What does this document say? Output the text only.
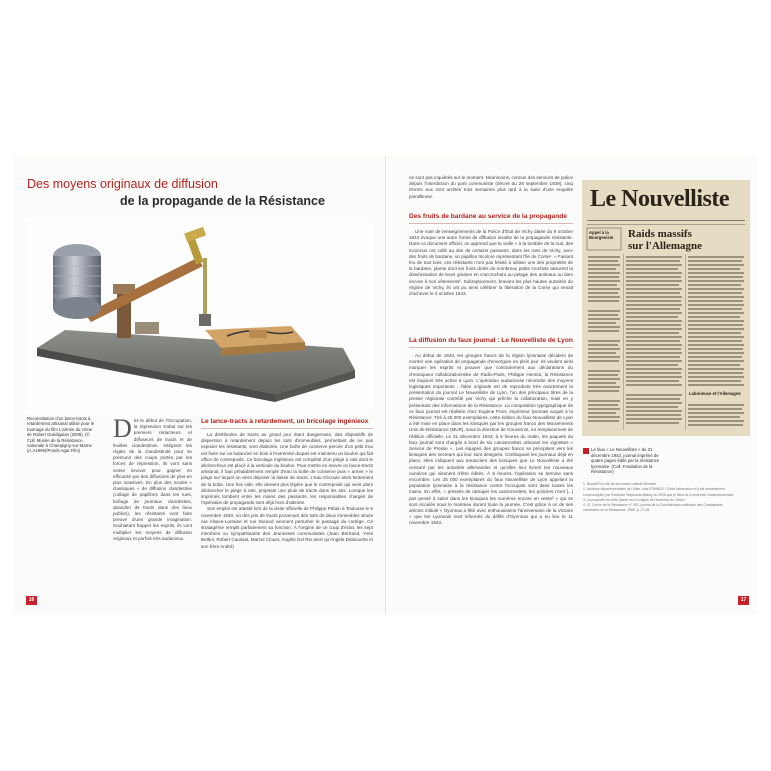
Des moyens originaux de diffusion
de la propagande de la Résistance
Reconstitution d'un lance-tracts à retardement artisanal utilisé pour le tournage du film L'armée du crime de Robert Guédiguian (2009). (© Coll. Musée de la Résistance nationale à Champigny-sur-Marne (A.A1999)/Ponds Agat Film)
Dès le début de l'Occupation, la répression s'abat sur les premiers rédacteurs et diffuseurs de tracts et de feuilles clandestines. Intégrant les règles de la clandestinité pour se prémunir des coups portés par les forces de répression, ils vont sans cesse innover pour gagner en efficacité par des diffusions de plus en plus massives. En plus des modes « classiques » de diffusion clandestine (collage de papillons dans les rues, boîtage de journaux clandestins, abandon de tracts dans des lieux publics), les résistants vont faire preuve d'une grande imagination. Souhaitant frapper les esprits, ils vont multiplier les moyens de diffusion originaux et parfois très audacieux.
Le lance-tracts à retardement, un bricolage ingénieux
La distribution de tracts au grand jour étant dangereuse, des dispositifs de dispersion à retardement depuis les toits d'immeubles, permettant de ne pas exposer les résistants, sont élaborés. Une boîte de conserve percée d'un petit trou est fixée sur un balancier en bois à l'extrémité duquel est maintenu un boulon qui fait office de contrepoids. Ce bricolage ingénieux est complété d'un piège à rats dont le déclencheur est placé à la verticale du boulon. Pour mettre en œuvre ce lance-tracts artisanal, il faut préalablement remplir d'eau la boîte de conserve puis « armer » le piège sur lequel on vient déposer la liasse de tracts. L'eau s'écoule alors lentement de la boîte. Une fois vide, elle devient plus légère que le contrepoids qui vient alors déclencher le piège à rats, projetant une pluie de tracts dans les airs. Lorsque les imprimés tombent entre les mains des passants, les responsables chargés de l'opération de propagande sont déjà hors d'atteinte.
Son emploi est attesté lors de la visite officielle de Philippe Pétain à Toulouse le 5 novembre 1940, où des jets de tracts provenant des toits de deux immeubles situés rue Alsace-Lorraine et rue Durand viennent perturber le passage du cortège. Ce stratagème remplit parfaitement sa fonction. À l'origine de ce coup d'éclat, les sept membres ou sympathisants des Jeunesses communistes (Jean Bertrand, Yves Bettini, Robert Caussat, Marcel Clouet, Angèle Del Rio ainsi qu'Angèle Delacourte et son frère André)
16
ne sont pas inquiétés sur le moment. Néanmoins, connus des services de police depuis l'interdiction du parti communiste (décret du 26 septembre 1939), cinq d'entre eux sont arrêtés trois semaines plus tard à la suite d'une enquête pointilleuse.
Des fruits de bardane au service de la propagande
Une note de renseignements de la Police d'État de Vichy datée du 9 octobre 1943 évoque une autre forme de diffusion insolite de la propagande résistante. Dans ce document officiel, on apprend que la veille « à la tombée de la nuit, des inconnus ont collé au dos de certains passants, dans les rues de Vichy, avec des fruits de bardane, un papillon tricolore représentant l'Île de Corse¹. » Faisant feu de tout bois, ces résistants n'ont pas hésité à utiliser une des propriétés de la bardane, plante dont les fruits dotés de nombreux petits crochets assurent la dissémination de leurs graines en s'accrochant au pelage des animaux ou bien encore à nos vêtements². Subrepticement, bravant les plus hautes autorités du régime de Vichy, ils ont pu ainsi célébrer la libération de la Corse qui venait d'achever le 4 octobre 1943.
La diffusion du faux journal : Le Nouvelliste de Lyon
Au début de 1943, les groupes francs de la région lyonnaise décident de monter une opération de propagande d'envergure en plein jour. Ils veulent ainsi marquer les esprits et prouver que contrairement aux déclarations du chroniqueur collaborationniste de Radio-Paris, Philippe Henriot, la Résistance est toujours très active à Lyon. L'opération audacieuse nécessite des moyens logistiques importants : l'idée originale est de reproduire très exactement la présentation du journal Le Nouvelliste de Lyon, l'un des principaux titres de la presse régionale contrôlé par Vichy qui prêche la collaboration, mais en y présentant des informations de la Résistance. La composition typographique de ce faux journal est réalisée chez Eugène Pons, imprimeur lyonnais acquis à la Résistance. Tiré à 25 000 exemplaires, cette édition du faux Nouvelliste de Lyon a été mise en place dans les kiosques par les groupes francs des Mouvements Unis de Résistance (MUR), sous la direction de Gouvernot, en remplacement de l'édition officielle. Le 31 décembre 1943, à 5 heures du matin, les paquets du faux journal sont chargés à bord de six camionnettes arborant les vignettes « Service de Presse ». Les équipes des groupes francs se précipitent vers les kiosques des secteurs qui leur sont désignés. Confisquant les journaux déjà en place, elles indiquent aux tenanciers des kiosques que Le Nouvelliste a été censuré par les autorités allemandes et qu'elles leur livrent les nouveaux numéros qui viennent d'être édités. À 8 heures, l'opération se termine sans encombre. Les 25 000 exemplaires du faux Nouvelliste de Lyon appelant la population lyonnaise à la résistance contre l'occupant sont dans toutes les mains. En effet, « pressés de rattraper les camionnettes, les policiers n'ont [...] pas pensé à saisir dans les kiosques les numéros encore en vente³ » qui se sont écoulés sous le manteau durant toute la journée. C'est grâce à un de ses articles intitulé « Oyonnax a fêté avec enthousiasme l'anniversaire de la Victoire » que les Lyonnais sont informés du défilé d'Oyonnax qui a eu lieu le 11 novembre 1943.
Le Nouvelliste
Appel à la Bourgeoisie	Raids massifs
sur l'Allemagne
Laborieuse et l'Allemagne
Le faux « Le Nouvelliste » du 31 décembre 1943, journal imprimé de quatre pages édité par la résistance lyonnaise. (Coll. Fondation de la Résistance)
1. Bouvet/Pré cité de document cultural Mémoire
2. Archives départementales de l'Allier, cote 978W612 / Cette information m'a été aimablement
communiquée par l'historien Stéphanie Attaluy en 2008 que je tiens ici à remercier chaleureusement.
3. La propriété de cette plante est à l'origine de l'invention du Velcro.
4. Cf. Cercle de la Résistance n° 352, journal de la Confédération nationale des Combattants
volontaires de la Résistance, 1989, p. 27-28.
17
